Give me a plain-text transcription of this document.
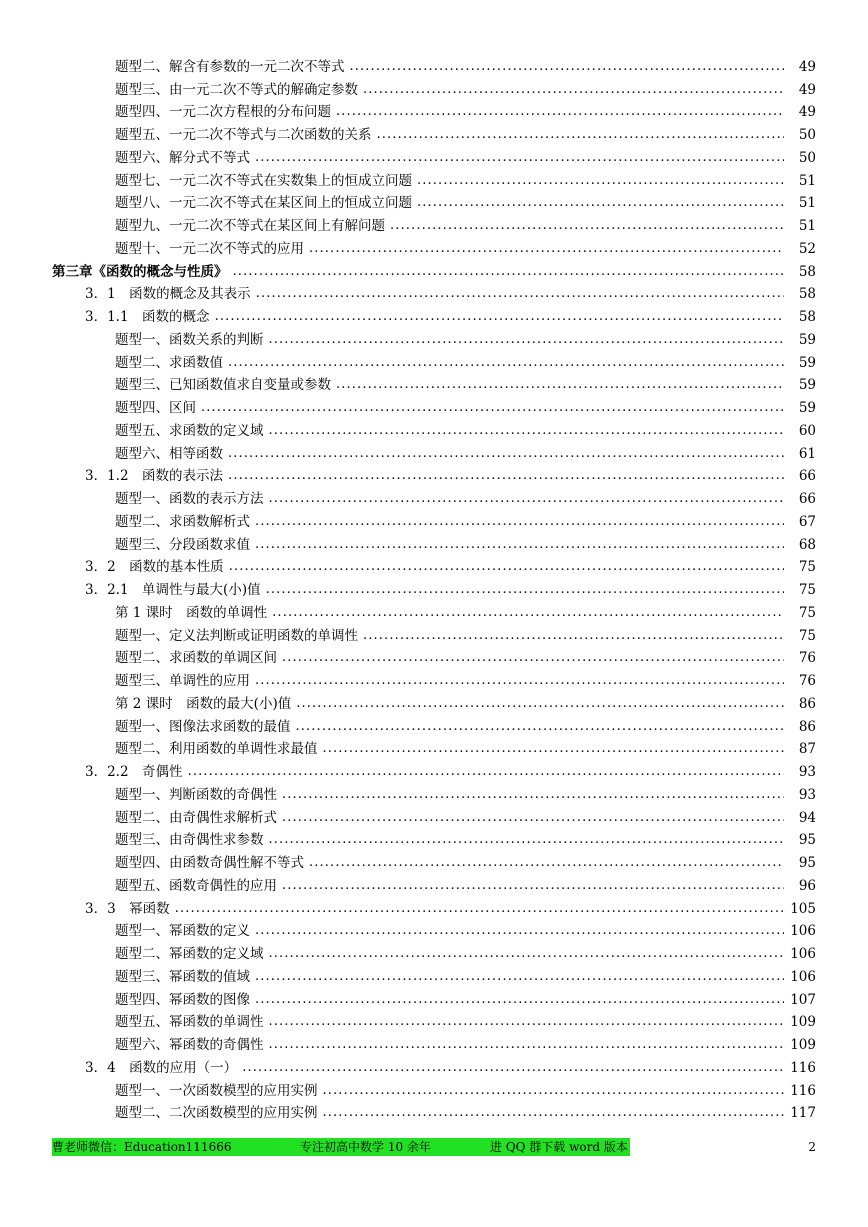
题型二、解含有参数的一元二次不等式 . . .	49
题型三、由一元二次不等式的解确定参数 . . .	49
题型四、一元二次方程根的分布问题 . . .	49
题型五、一元二次不等式与二次函数的关系 . . .	50
题型六、解分式不等式 . . .	50
题型七、一元二次不等式在实数集上的恒成立问题 . . .	51
题型八、一元二次不等式在某区间上的恒成立问题 . . .	51
题型九、一元二次不等式在某区间上有解问题 . . .	51
题型十、一元二次不等式的应用 . . .	52
第三章《函数的概念与性质》 . . .	58
3．1　函数的概念及其表示 . . .	58
3．1.1　函数的概念 . . .	58
题型一、函数关系的判断 . . .	59
题型二、求函数值 . . .	59
题型三、已知函数值求自变量或参数 . . .	59
题型四、区间 . . .	59
题型五、求函数的定义域 . . .	60
题型六、相等函数 . . .	61
3．1.2　函数的表示法 . . .	66
题型一、函数的表示方法 . . .	66
题型二、求函数解析式 . . .	67
题型三、分段函数求值 . . .	68
3．2　函数的基本性质 . . .	75
3．2.1　单调性与最大(小)值 . . .	75
第 1 课时　函数的单调性 . . .	75
题型一、定义法判断或证明函数的单调性 . . .	75
题型二、求函数的单调区间 . . .	76
题型三、单调性的应用 . . .	76
第 2 课时　函数的最大(小)值 . . .	86
题型一、图像法求函数的最值 . . .	86
题型二、利用函数的单调性求最值 . . .	87
3．2.2　奇偶性 . . .	93
题型一、判断函数的奇偶性 . . .	93
题型二、由奇偶性求解析式 . . .	94
题型三、由奇偶性求参数 . . .	95
题型四、由函数奇偶性解不等式 . . .	95
题型五、函数奇偶性的应用 . . .	96
3．3　幂函数 . . .	105
题型一、幂函数的定义 . . .	106
题型二、幂函数的定义域 . . .	106
题型三、幂函数的值域 . . .	106
题型四、幂函数的图像 . . .	107
题型五、幂函数的单调性 . . .	109
题型六、幂函数的奇偶性 . . .	109
3．4　函数的应用（一） . . .	116
题型一、一次函数模型的应用实例 . . .	116
题型二、二次函数模型的应用实例 . . .	117
曹老师微信：Education111666	专注初高中数学 10 余年	进 QQ 群下载 word 版本	2
